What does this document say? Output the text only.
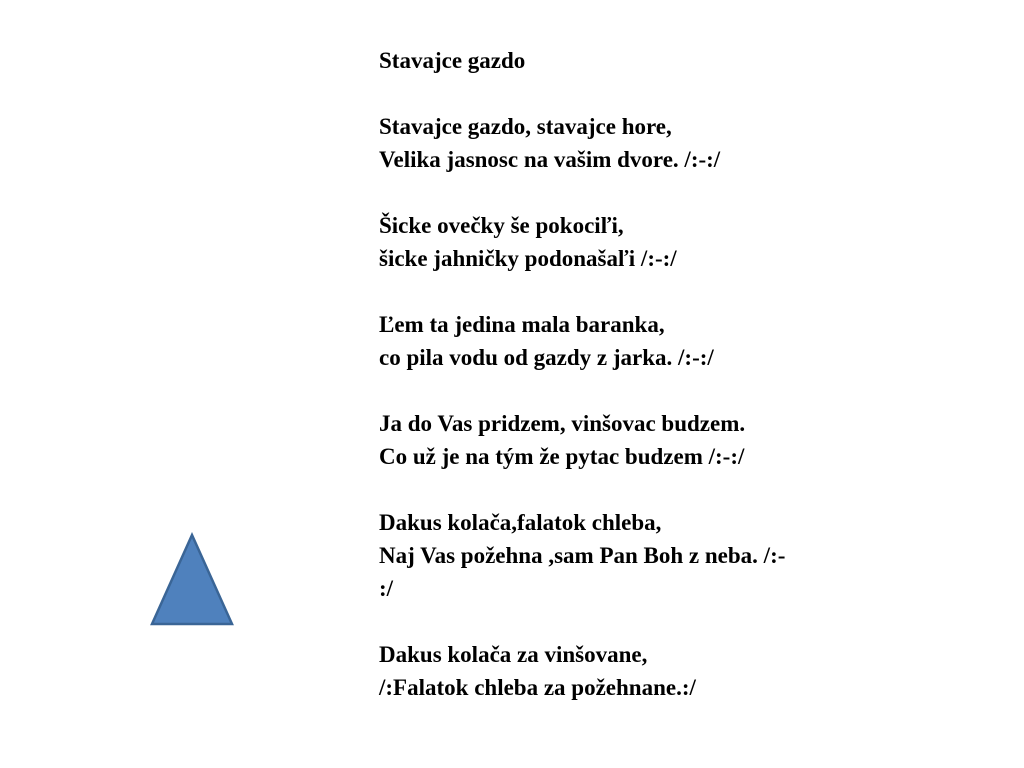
Stavajce gazdo
Stavajce gazdo, stavajce hore,
Velika jasnosc na vašim dvore. /:-:/
Šicke ovečky še pokociľi,
šicke jahničky podonašaľi /:-:/
Ľem ta jedina mala baranka,
co pila vodu od gazdy z jarka. /:-:/
Ja do Vas pridzem, vinšovac budzem.
Co už je na tým že pytac budzem /:-:/
Dakus kolača,falatok chleba,
Naj Vas požehna ,sam Pan Boh z neba. /:-
:/
Dakus kolača za vinšovane,
/:Falatok chleba za požehnane.:/
